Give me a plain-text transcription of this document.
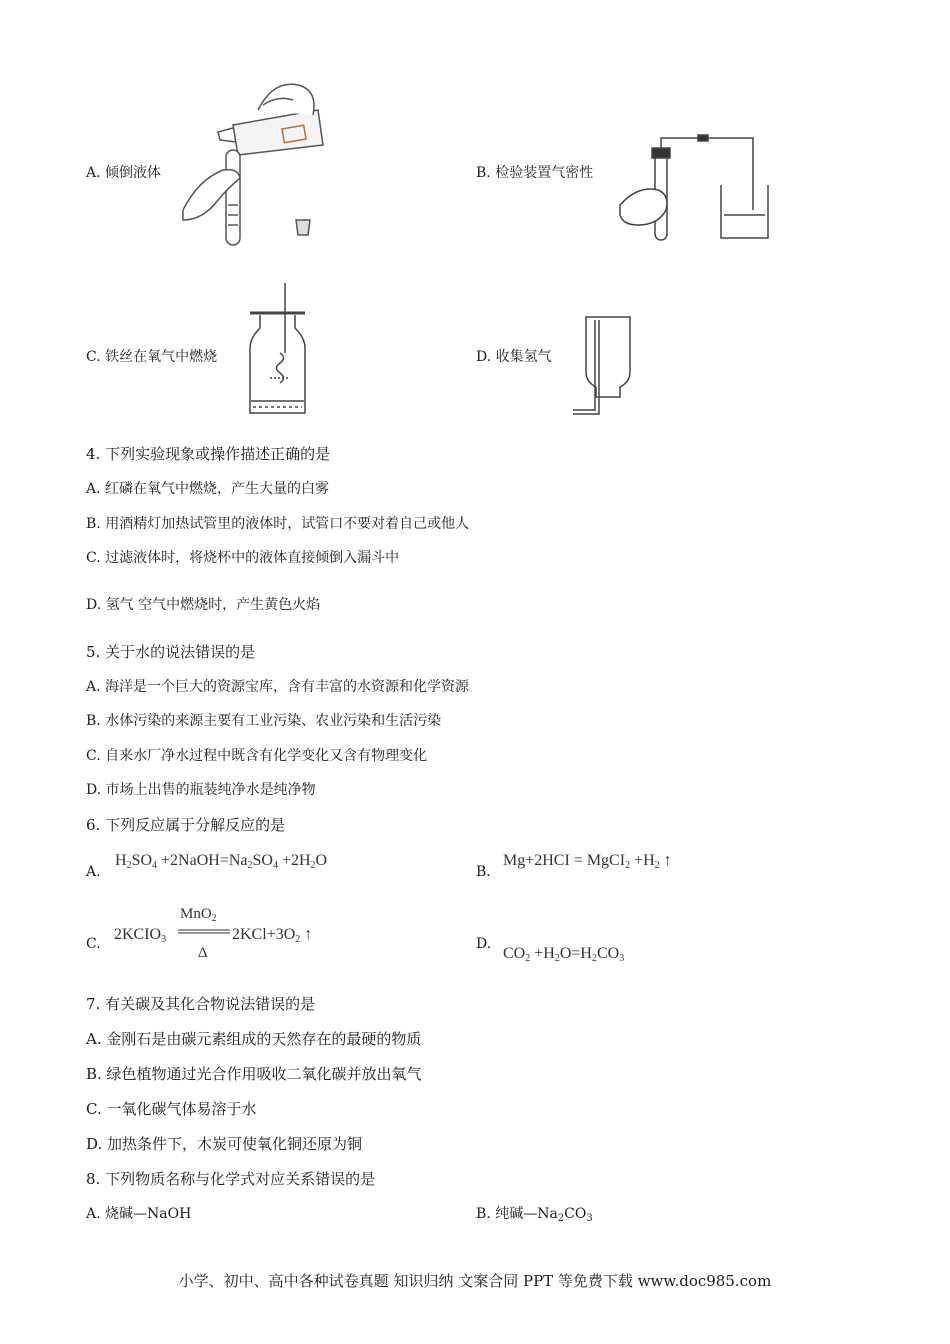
A. 倾倒液体	B. 检验装置气密性
C. 铁丝在氧气中燃烧	D. 收集氢气
4. 下列实验现象或操作描述正确的是
A. 红磷在氧气中燃烧，产生大量的白雾
B. 用酒精灯加热试管里的液体时，试管口不要对着自己或他人
C. 过滤液体时，将烧杯中的液体直接倾倒入漏斗中
D. 氢气 空气中燃烧时，产生黄色火焰
5. 关于水的说法错误的是
A. 海洋是一个巨大的资源宝库，含有丰富的水资源和化学资源
B. 水体污染的来源主要有工业污染、农业污染和生活污染
C. 自来水厂净水过程中既含有化学变化又含有物理变化
D. 市场上出售的瓶装纯净水是纯净物
6. 下列反应属于分解反应的是
A.
$H_2SO_4$ $+2NaOH=Na_2SO_4 +2H_2O$
B.
Mg+2HCI = MgCI$_2$ $+H_2$ ↑
C.
$2KCIO_3$
MnO$_2$
Δ
$2KCl+3O_2$ ↑
D.
$CO_2 +H_2O=H_2CO_3$
7. 有关碳及其化合物说法错误的是
A. 金刚石是由碳元素组成的天然存在的最硬的物质
B. 绿色植物通过光合作用吸收二氧化碳并放出氧气
C. 一氧化碳气体易溶于水
D. 加热条件下，木炭可使氧化铜还原为铜
8. 下列物质名称与化学式对应关系错误的是
A. 烧碱—NaOH	B. 纯碱$—Na_2CO_3$
小学、初中、高中各种试卷真题 知识归纳 文案合同 PPT 等免费下载 www.doc985.com
